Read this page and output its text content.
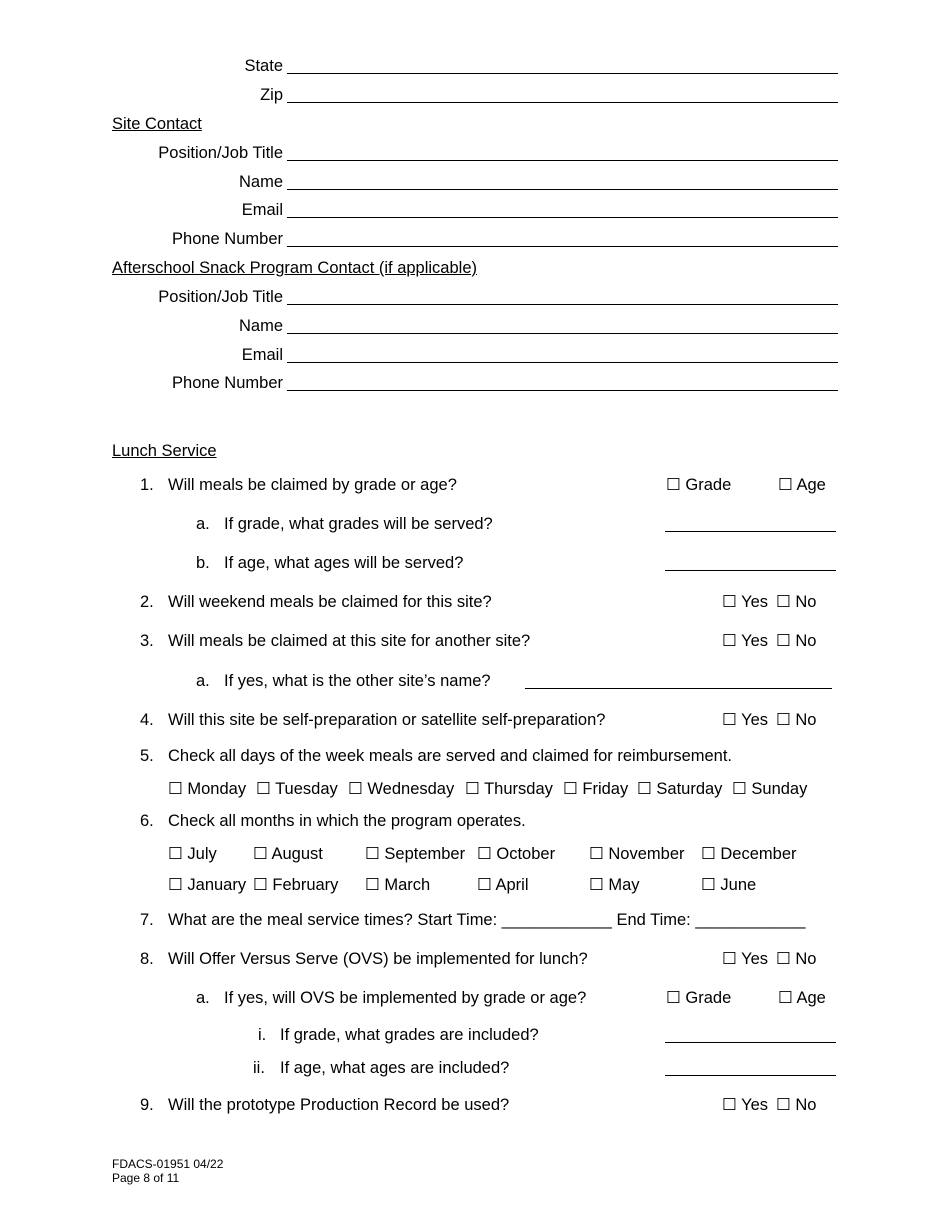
State
Zip
Site Contact
Position/Job Title
Name
Email
Phone Number
Afterschool Snack Program Contact (if applicable)
Position/Job Title
Name
Email
Phone Number
Lunch Service
1. Will meals be claimed by grade or age?	☐ Grade	☐ Age
a. If grade, what grades will be served?
b. If age, what ages will be served?
2. Will weekend meals be claimed for this site?	☐ Yes ☐ No
3. Will meals be claimed at this site for another site?	☐ Yes ☐ No
a. If yes, what is the other site’s name?
4. Will this site be self-preparation or satellite self-preparation?	☐ Yes ☐ No
5. Check all days of the week meals are served and claimed for reimbursement.
☐ Monday ☐ Tuesday ☐ Wednesday ☐ Thursday ☐ Friday ☐ Saturday ☐ Sunday
6. Check all months in which the program operates.
☐ July ☐ August	☐ September ☐ October ☐ November ☐ December
☐ January ☐ February ☐ March	☐ April	☐ May	☐ June
7. What are the meal service times? Start Time: ____________ End Time: ____________
8. Will Offer Versus Serve (OVS) be implemented for lunch?	☐ Yes ☐ No
a. If yes, will OVS be implemented by grade or age?	☐ Grade	☐ Age
i. If grade, what grades are included?
ii. If age, what ages are included?
9. Will the prototype Production Record be used?	☐ Yes ☐ No
FDACS-01951 04/22
Page 8 of 11
